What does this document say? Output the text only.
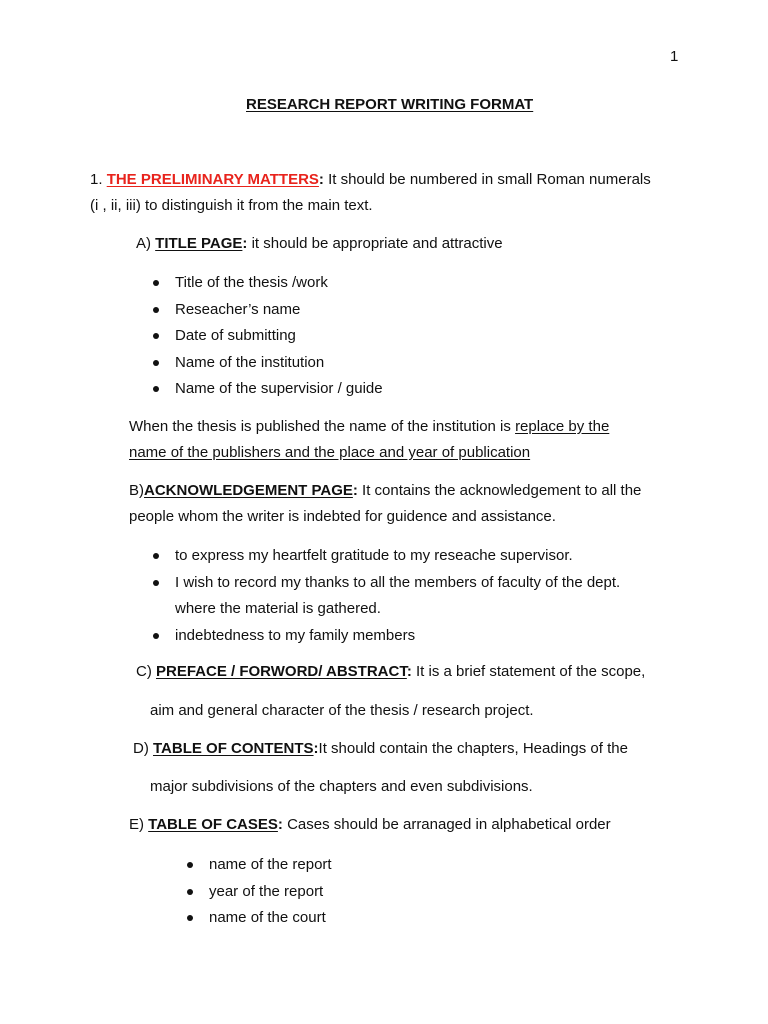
1
RESEARCH REPORT WRITING FORMAT
1. THE PRELIMINARY MATTERS: It should be numbered in small Roman numerals
(i , ii, iii) to distinguish it from the main text.
A) TITLE PAGE: it should be appropriate and attractive
Title of the thesis /work
Reseacher’s name
Date of submitting
Name of the institution
Name of the supervisior / guide
When the thesis is published the name of the institution is replace by the
name of the publishers and the place and year of publication
B)ACKNOWLEDGEMENT PAGE: It contains the acknowledgement to all the
people whom the writer is indebted for guidence and assistance.
to express my heartfelt gratitude to my reseache supervisor.
I wish to record my thanks to all the members of faculty of the dept.
where the material is gathered.
indebtedness to my family members
C) PREFACE / FORWORD/ ABSTRACT: It is a brief statement of the scope,
aim and general character of the thesis / research project.
D) TABLE OF CONTENTS:It should contain the chapters, Headings of the
major subdivisions of the chapters and even subdivisions.
E) TABLE OF CASES: Cases should be arranaged in alphabetical order
name of the report
year of the report
name of the court
